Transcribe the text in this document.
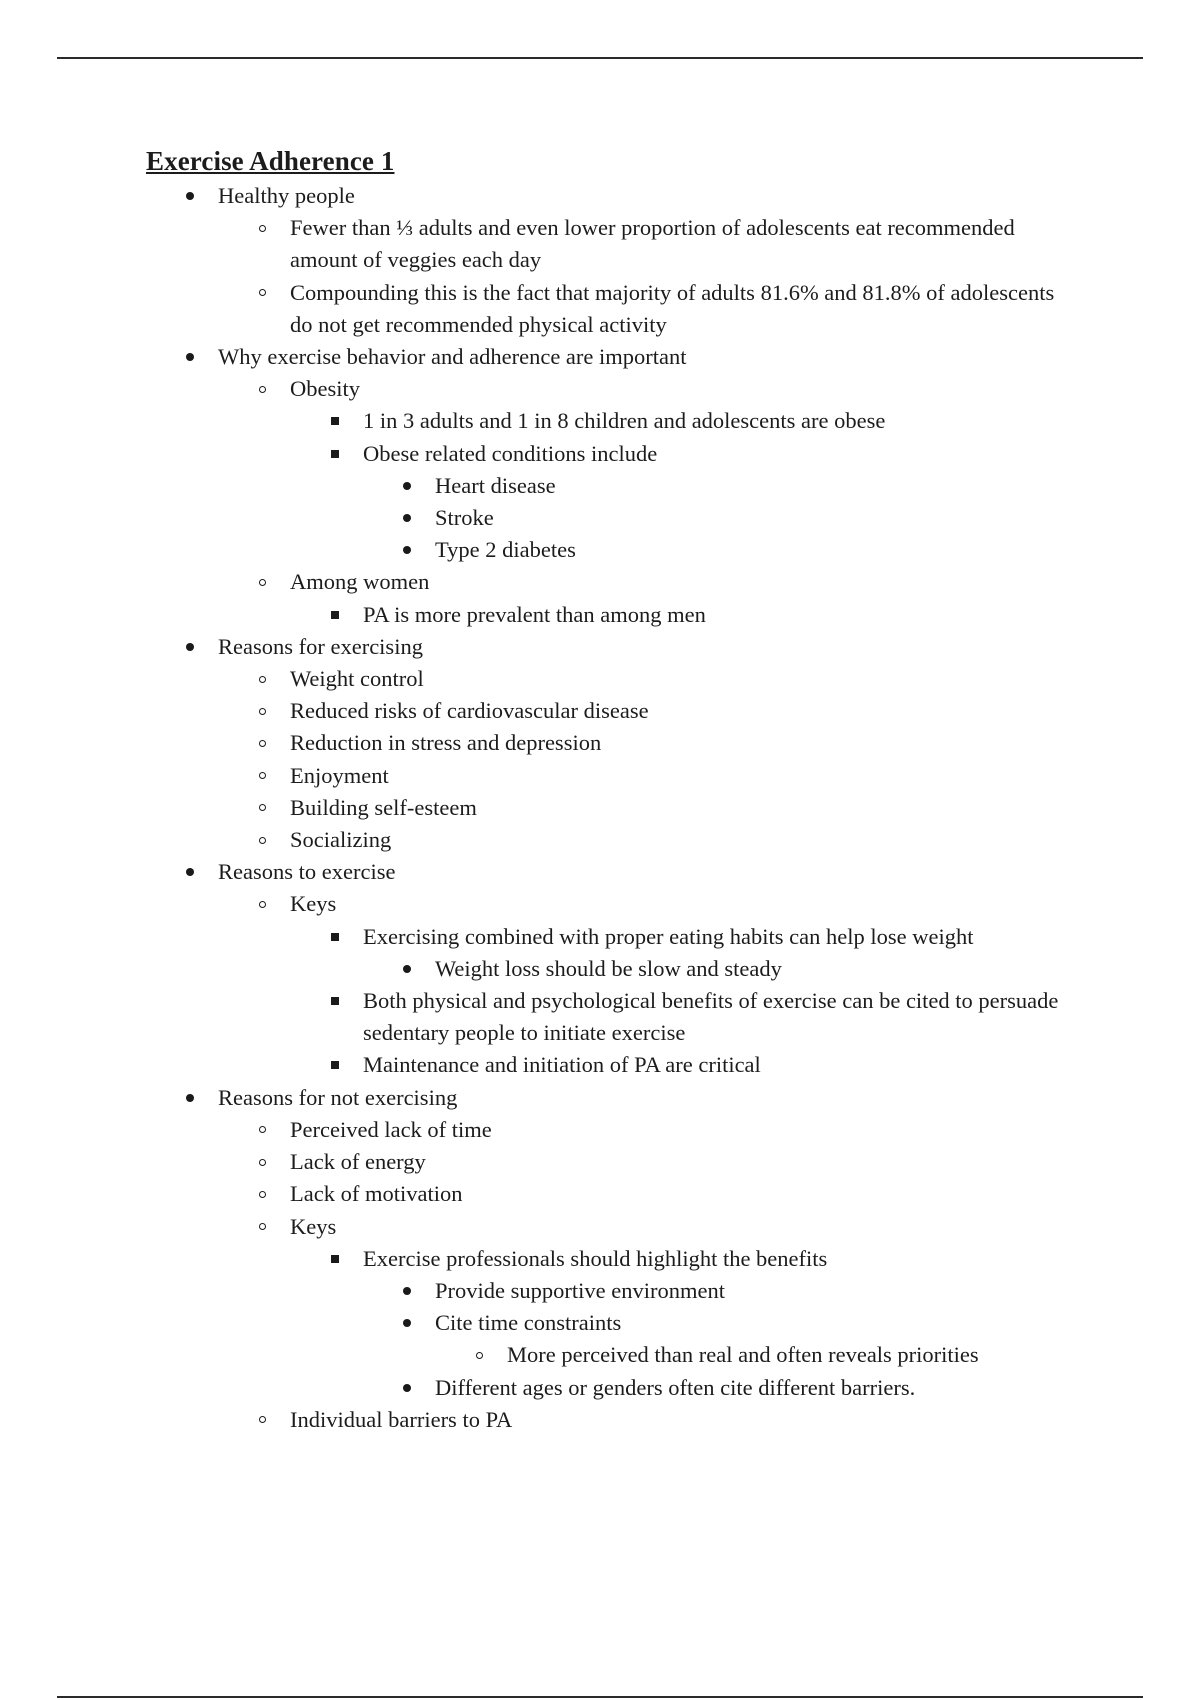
Exercise Adherence 1
Healthy people
Fewer than ⅓ adults and even lower proportion of adolescents eat recommended amount of veggies each day
Compounding this is the fact that majority of adults 81.6% and 81.8% of adolescents do not get recommended physical activity
Why exercise behavior and adherence are important
Obesity
1 in 3 adults and 1 in 8 children and adolescents are obese
Obese related conditions include
Heart disease
Stroke
Type 2 diabetes
Among women
PA is more prevalent than among men
Reasons for exercising
Weight control
Reduced risks of cardiovascular disease
Reduction in stress and depression
Enjoyment
Building self-esteem
Socializing
Reasons to exercise
Keys
Exercising combined with proper eating habits can help lose weight
Weight loss should be slow and steady
Both physical and psychological benefits of exercise can be cited to persuade sedentary people to initiate exercise
Maintenance and initiation of PA are critical
Reasons for not exercising
Perceived lack of time
Lack of energy
Lack of motivation
Keys
Exercise professionals should highlight the benefits
Provide supportive environment
Cite time constraints
More perceived than real and often reveals priorities
Different ages or genders often cite different barriers.
Individual barriers to PA
